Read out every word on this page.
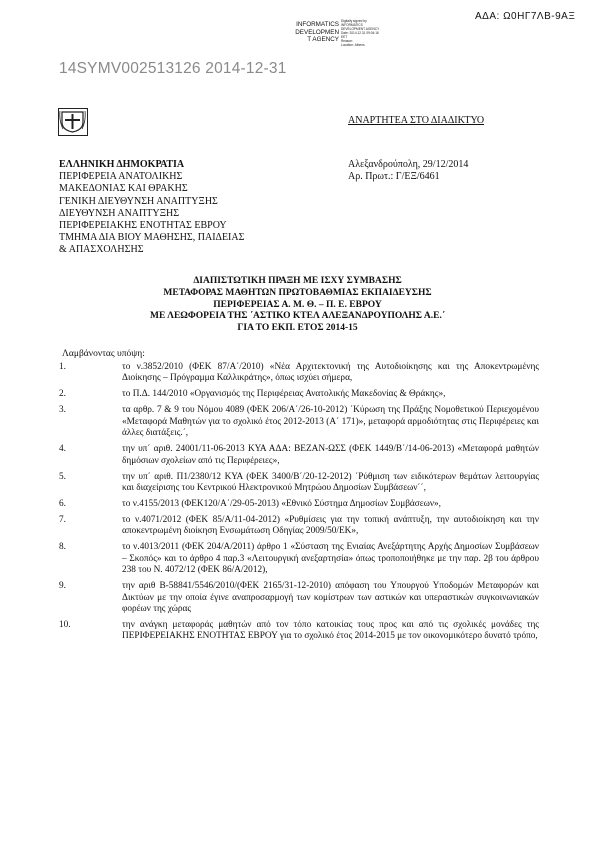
ΑΔΑ: Ω0ΗΓ7ΛΒ-9ΑΞ
INFORMATICS
DEVELOPMEN
T AGENCY
Digitally signed by
INFORMATICS
DEVELOPMENT AGENCY
Date: 2014.12.31 09:04:16
EET
Reason:
Location: Athens
14SYMV002513126 2014-12-31
ΑΝΑΡΤΗΤΕΑ ΣΤΟ ΔΙΑΔΙΚΤΥΟ
ΕΛΛΗΝΙΚΗ ΔΗΜΟΚΡΑΤΙΑ
ΠΕΡΙΦΕΡΕΙΑ ΑΝΑΤΟΛΙΚΗΣ
ΜΑΚΕΔΟΝΙΑΣ ΚΑΙ ΘΡΑΚΗΣ
ΓΕΝΙΚΗ ΔΙΕΥΘΥΝΣΗ ΑΝΑΠΤΥΞΗΣ
ΔΙΕΥΘΥΝΣΗ ΑΝΑΠΤΥΞΗΣ
ΠΕΡΙΦΕΡΕΙΑΚΗΣ ΕΝΟΤΗΤΑΣ ΕΒΡΟΥ
ΤΜΗΜΑ ΔΙΑ ΒΙΟΥ ΜΑΘΗΣΗΣ, ΠΑΙΔΕΙΑΣ
& ΑΠΑΣΧΟΛΗΣΗΣ
Αλεξανδρούπολη, 29/12/2014
Αρ. Πρωτ.: Γ/ΕΞ/6461
ΔΙΑΠΙΣΤΩΤΙΚΗ ΠΡΑΞΗ ΜΕ ΙΣΧΥ ΣΥΜΒΑΣΗΣ
ΜΕΤΑΦΟΡΑΣ ΜΑΘΗΤΩΝ ΠΡΩΤΟΒΑΘΜΙΑΣ ΕΚΠΑΙΔΕΥΣΗΣ
ΠΕΡΙΦΕΡΕΙΑΣ Α. Μ. Θ. – Π. Ε. ΕΒΡΟΥ
ΜΕ ΛΕΩΦΟΡΕΙΑ ΤΗΣ ΄ΑΣΤΙΚΟ ΚΤΕΛ ΑΛΕΞΑΝΔΡΟΥΠΟΛΗΣ Α.Ε.΄
ΓΙΑ ΤΟ ΕΚΠ. ΕΤΟΣ 2014-15
Λαμβάνοντας υπόψη:
1.	το ν.3852/2010 (ΦΕΚ 87/Α΄/2010) «Νέα Αρχιτεκτονική της Αυτοδιοίκησης και της Αποκεντρωμένης Διοίκησης – Πρόγραμμα Καλλικράτης», όπως ισχύει σήμερα,
2.	το Π.Δ. 144/2010 «Οργανισμός της Περιφέρειας Ανατολικής Μακεδονίας & Θράκης»,
3.	τα αρθρ. 7 & 9 του Νόμου 4089 (ΦΕΚ 206/Α΄/26-10-2012) ΄Κύρωση της Πράξης Νομοθετικού Περιεχομένου «Μεταφορά Μαθητών για το σχολικό έτος 2012-2013 (Α΄ 171)», μεταφορά αρμοδιότητας στις Περιφέρειες και άλλες διατάξεις.΄,
4.	την υπ΄ αριθ. 24001/11-06-2013 ΚΥΑ ΑΔΑ: ΒΕΖΑΝ-ΩΣΣ (ΦΕΚ 1449/Β΄/14-06-2013) «Μεταφορά μαθητών δημόσιων σχολείων από τις Περιφέρειες»,
5.	την υπ΄ αριθ. Π1/2380/12 ΚΥΑ (ΦΕΚ 3400/Β΄/20-12-2012) ΄Ρύθμιση των ειδικότερων θεμάτων λειτουργίας και διαχείρισης του Κεντρικού Ηλεκτρονικού Μητρώου Δημοσίων Συμβάσεων΄΄,
6.	το ν.4155/2013 (ΦΕΚ120/Α΄/29-05-2013) «Εθνικό Σύστημα Δημοσίων Συμβάσεων»,
7.	το ν.4071/2012 (ΦΕΚ 85/Α/11-04-2012) «Ρυθμίσεις για την τοπική ανάπτυξη, την αυτοδιοίκηση και την αποκεντρωμένη διοίκηση Ενσωμάτωση Οδηγίας 2009/50/ΕΚ»,
8.	το ν.4013/2011 (ΦΕΚ 204/Α/2011) άρθρο 1 «Σύσταση της Ενιαίας Ανεξάρτητης Αρχής Δημοσίων Συμβάσεων – Σκοπός» και το άρθρο 4 παρ.3 «Λειτουργική ανεξαρτησία» όπως τροποποιήθηκε με την παρ. 2β του άρθρου 238 του Ν. 4072/12 (ΦΕΚ 86/Α/2012),
9.	την αριθ Β-58841/5546/2010/(ΦΕΚ 2165/31-12-2010) απόφαση του Υπουργού Υποδομών Μεταφορών και Δικτύων με την οποία έγινε αναπροσαρμογή των κομίστρων των αστικών και υπεραστικών συγκοινωνιακών φορέων της χώρας
10.	την ανάγκη μεταφοράς μαθητών από τον τόπο κατοικίας τους προς και από τις σχολικές μονάδες της ΠΕΡΙΦΕΡΕΙΑΚΗΣ ΕΝΟΤΗΤΑΣ ΕΒΡΟΥ για το σχολικό έτος 2014-2015 με τον οικονομικότερο δυνατό τρόπο,
